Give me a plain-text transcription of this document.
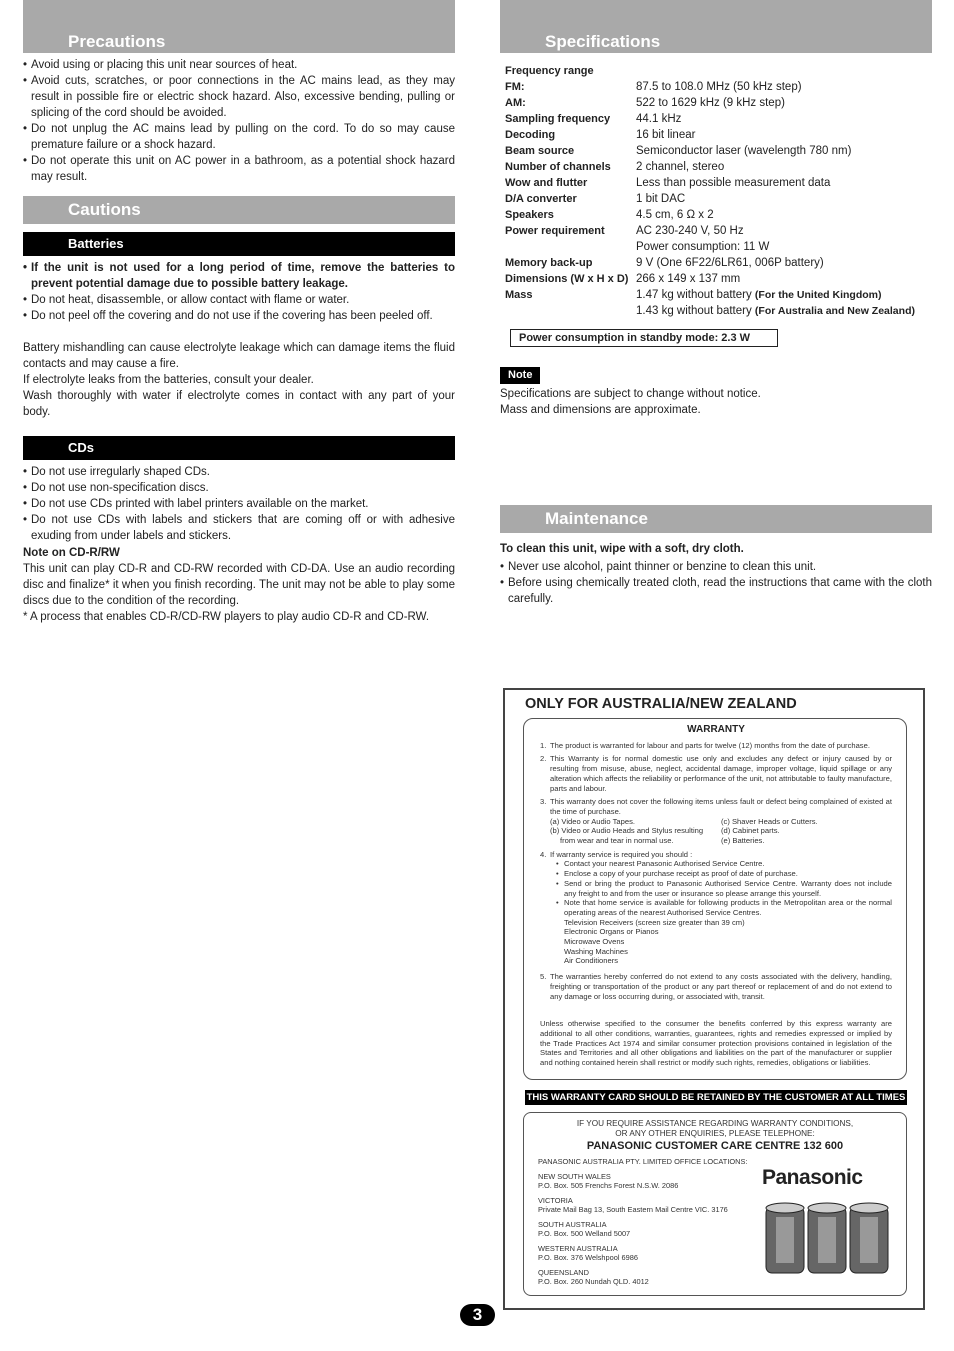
Precautions
• Avoid using or placing this unit near sources of heat.
• Avoid cuts, scratches, or poor connections in the AC mains lead, as they may result in possible fire or electric shock hazard. Also, excessive bending, pulling or splicing of the cord should be avoided.
• Do not unplug the AC mains lead by pulling on the cord. To do so may cause premature failure or a shock hazard.
• Do not operate this unit on AC power in a bathroom, as a potential shock hazard may result.
Cautions
Batteries
• If the unit is not used for a long period of time, remove the batteries to prevent potential damage due to possible battery leakage.
• Do not heat, disassemble, or allow contact with flame or water.
• Do not peel off the covering and do not use if the covering has been peeled off.

Battery mishandling can cause electrolyte leakage which can damage items the fluid contacts and may cause a fire.

If electrolyte leaks from the batteries, consult your dealer.

Wash thoroughly with water if electrolyte comes in contact with any part of your body.

CDs
• Do not use irregularly shaped CDs.
• Do not use non-specification discs.
• Do not use CDs printed with label printers available on the market.
• Do not use CDs with labels and stickers that are coming off or with adhesive exuding from under labels and stickers.
Note on CD-R/RW

This unit can play CD-R and CD-RW recorded with CD-DA. Use an audio recording disc and finalize* it when you finish recording. The unit may not be able to play some discs due to the condition of the recording.

* A process that enables CD-R/CD-RW players to play audio CD-R and CD-RW.

Specifications
Frequency range	
FM:	87.5 to 108.0 MHz (50 kHz step)
AM:	522 to 1629 kHz (9 kHz step)
Sampling frequency	44.1 kHz
Decoding	16 bit linear
Beam source	Semiconductor laser (wavelength 780 nm)
Number of channels	2 channel, stereo
Wow and flutter	Less than possible measurement data
D/A converter	1 bit DAC
Speakers	4.5 cm, 6 Ω x 2
Power requirement	AC 230-240 V, 50 Hz
	Power consumption: 11 W
Memory back-up	9 V (One 6F22/6LR61, 006P battery)
Dimensions (W x H x D)	266 x 149 x 137 mm
Mass	1.47 kg without battery (For the United Kingdom)
	1.43 kg without battery (For Australia and New Zealand)
Power consumption in standby mode: 2.3 W
Note

Specifications are subject to change without notice.

Mass and dimensions are approximate.

Maintenance

To clean this unit, wipe with a soft, dry cloth.

• Never use alcohol, paint thinner or benzine to clean this unit.
• Before using chemically treated cloth, read the instructions that came with the cloth carefully.
ONLY FOR AUSTRALIA/NEW ZEALAND
WARRANTY
1. The product is warranted for labour and parts for twelve (12) months from the date of purchase.
2. This Warranty is for normal domestic use only and excludes any defect or injury caused by or resulting from misuse, abuse, neglect, accidental damage, improper voltage, liquid spillage or any alteration which affects the reliability or performance of the unit, not attributable to faulty manufacture, parts and labour.
3. This warranty does not cover the following items unless fault or defect being complained of existed at the time of purchase.
(a) Video or Audio Tapes.
(b) Video or Audio Heads and Stylus resulting
from wear and tear in normal use.
(c) Shaver Heads or Cutters.
(d) Cabinet parts.
(e) Batteries.
4. If warranty service is required you should :
• Contact your nearest Panasonic Authorised Service Centre.
• Enclose a copy of your purchase receipt as proof of date of purchase.
• Send or bring the product to Panasonic Authorised Service Centre. Warranty does not include any freight to and from the user or insurance so please arrange this yourself.
• Note that home service is available for following products in the Metropolitan area or the normal operating areas of the nearest Authorised Service Centres.
Television Receivers (screen size greater than 39 cm)
Electronic Organs or Pianos
Microwave Ovens
Washing Machines
Air Conditioners
5. The warranties hereby conferred do not extend to any costs associated with the delivery, handling, freighting or transportation of the product or any part thereof or replacement of and do not extend to any damage or loss occurring during, or associated with, transit.

Unless otherwise specified to the consumer the benefits conferred by this express warranty are additional to all other conditions, warranties, guarantees, rights and remedies expressed or implied by the Trade Practices Act 1974 and similar consumer protection provisions contained in legislation of the States and Territories and all other obligations and liabilities on the part of the manufacturer or supplier and nothing contained herein shall restrict or modify such rights, remedies, obligations or liabilities.

THIS WARRANTY CARD SHOULD BE RETAINED BY THE CUSTOMER AT ALL TIMES
IF YOU REQUIRE ASSISTANCE REGARDING WARRANTY CONDITIONS,
OR ANY OTHER ENQUIRIES, PLEASE TELEPHONE:
PANASONIC CUSTOMER CARE CENTRE 132 600
PANASONIC AUSTRALIA PTY. LIMITED OFFICE LOCATIONS:
NEW SOUTH WALES
P.O. Box. 505 Frenchs Forest N.S.W. 2086
VICTORIA
Private Mail Bag 13, South Eastern Mail Centre VIC. 3176
SOUTH AUSTRALIA
P.O. Box. 500 Welland 5007
WESTERN AUSTRALIA
P.O. Box. 376 Welshpool 6986
QUEENSLAND
P.O. Box. 260 Nundah QLD. 4012
Panasonic
3
